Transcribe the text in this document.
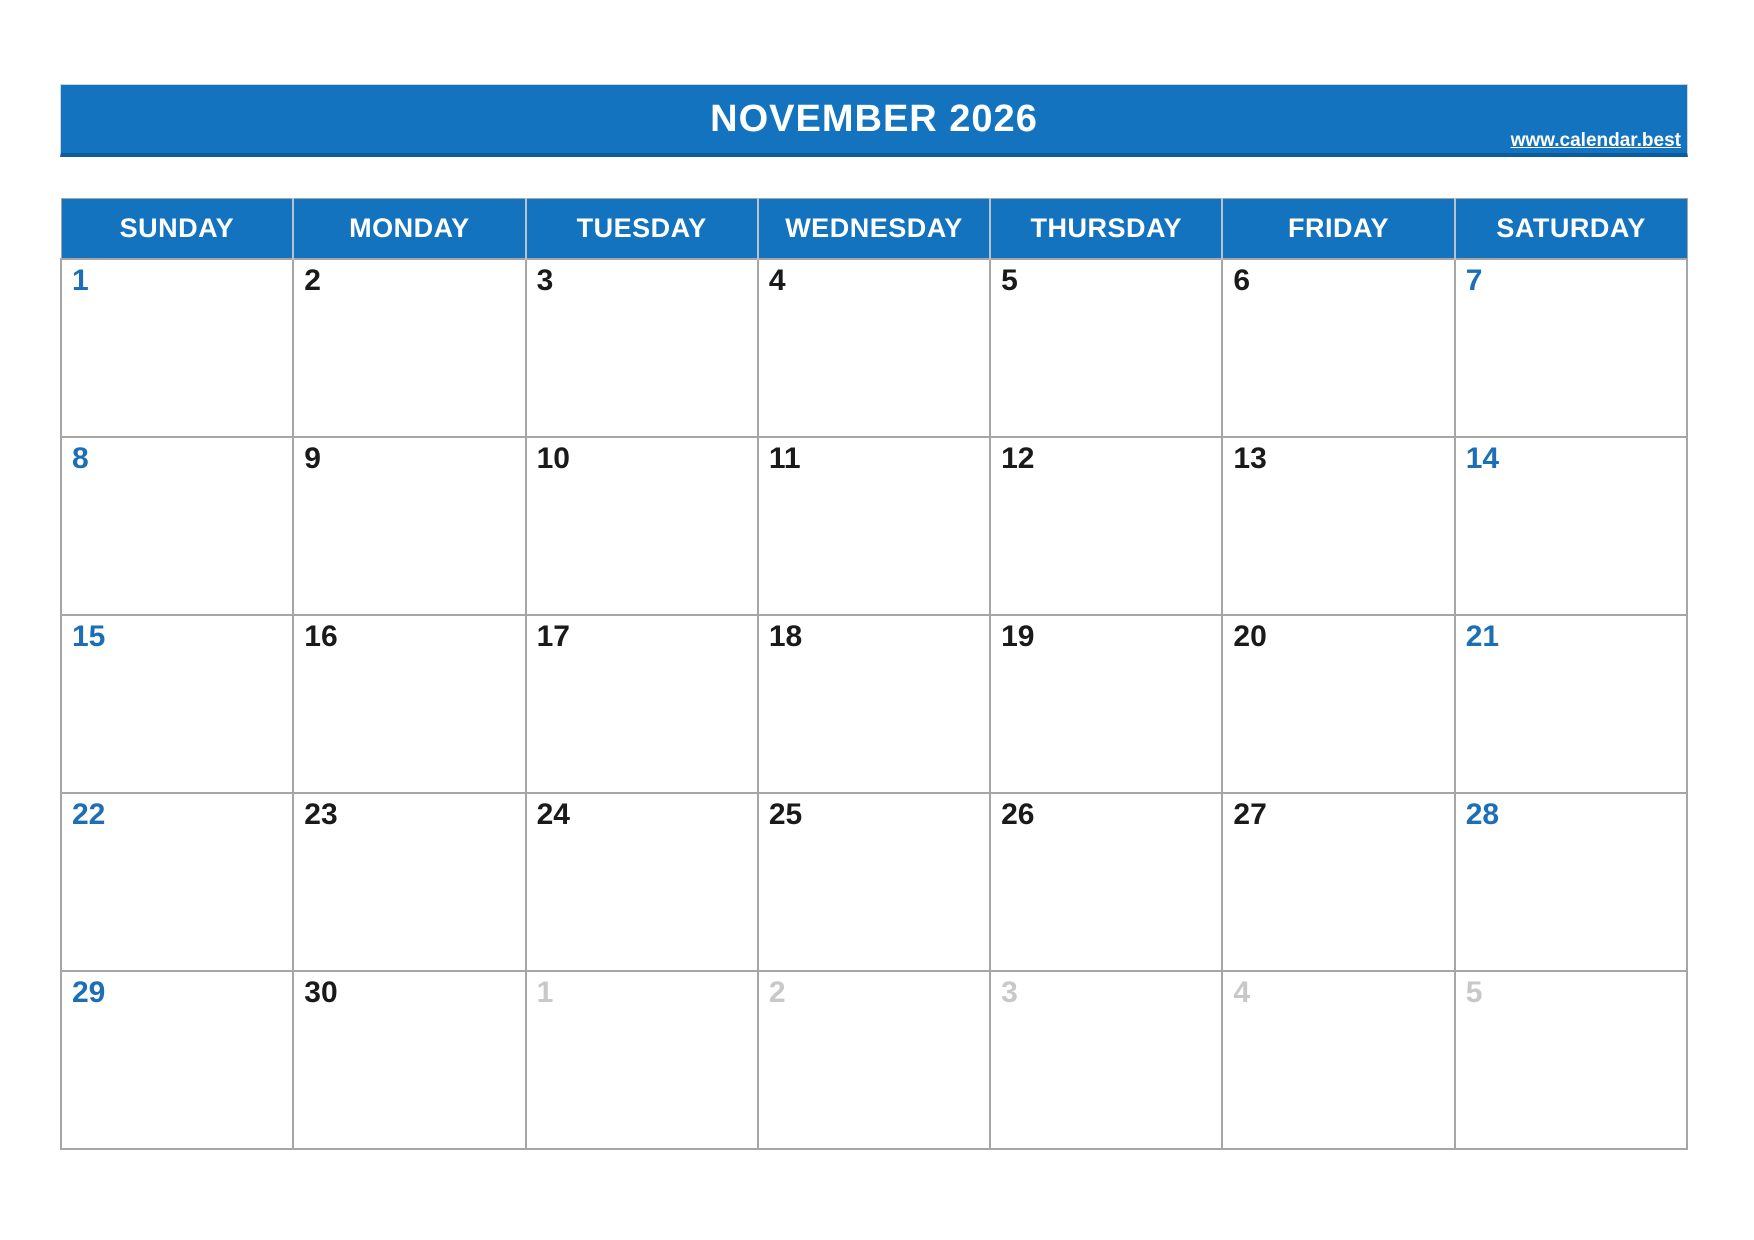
NOVEMBER 2026
www.calendar.best
SUNDAY	MONDAY	TUESDAY	WEDNESDAY	THURSDAY	FRIDAY	SATURDAY
1	2	3	4	5	6	7
8	9	10	11	12	13	14
15	16	17	18	19	20	21
22	23	24	25	26	27	28
29	30	1	2	3	4	5
